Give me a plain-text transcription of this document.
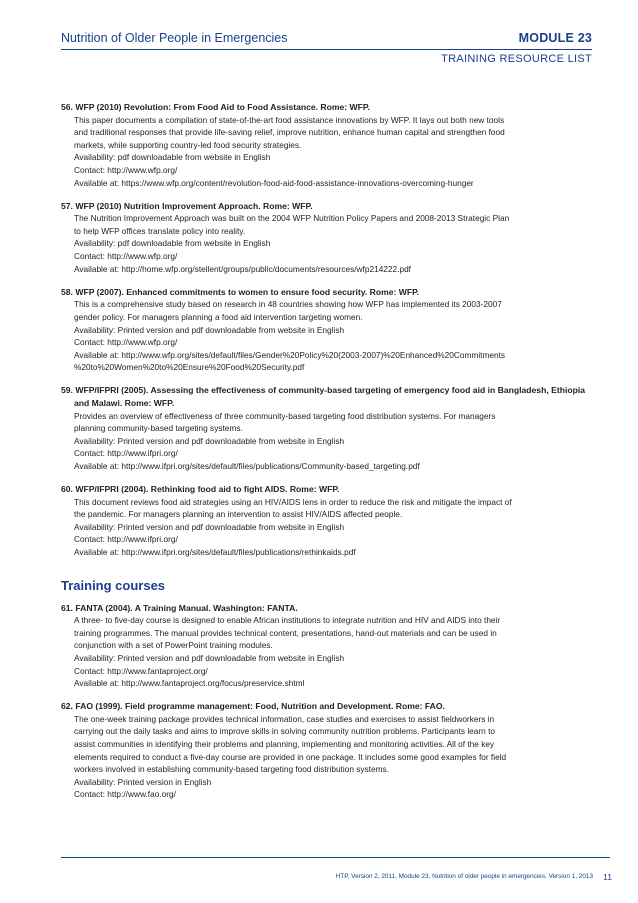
Nutrition of Older People in Emergencies	MODULE 23
TRAINING RESOURCE LIST
56. WFP (2010) Revolution: From Food Aid to Food Assistance. Rome: WFP.
This paper documents a compilation of state-of-the-art food assistance innovations by WFP. It lays out both new tools
and traditional responses that provide life-saving relief, improve nutrition, enhance human capital and strengthen food
markets, while supporting country-led food security strategies.
Availability: pdf downloadable from website in English
Contact: http://www.wfp.org/
Available at: https://www.wfp.org/content/revolution-food-aid-food-assistance-innovations-overcoming-hunger
57. WFP (2010) Nutrition Improvement Approach. Rome: WFP.
The Nutrition Improvement Approach was built on the 2004 WFP Nutrition Policy Papers and 2008-2013 Strategic Plan
to help WFP offices translate policy into reality.
Availability: pdf downloadable from website in English
Contact: http://www.wfp.org/
Available at: http://home.wfp.org/stellent/groups/public/documents/resources/wfp214222.pdf
58. WFP (2007). Enhanced commitments to women to ensure food security. Rome: WFP.
This is a comprehensive study based on research in 48 countries showing how WFP has implemented its 2003-2007
gender policy. For managers planning a food aid intervention targeting women.
Availability: Printed version and pdf downloadable from website in English
Contact: http://www.wfp.org/
Available at: http://www.wfp.org/sites/default/files/Gender%20Policy%20(2003-2007)%20Enhanced%20Commitments
%20to%20Women%20to%20Ensure%20Food%20Security.pdf
59. WFP/IFPRI (2005). Assessing the effectiveness of community-based targeting of emergency food aid in Bangladesh, Ethiopia and Malawi. Rome: WFP.
Provides an overview of effectiveness of three community-based targeting food distribution systems. For managers
planning community-based targeting systems.
Availability: Printed version and pdf downloadable from website in English
Contact: http://www.ifpri.org/
Available at: http://www.ifpri.org/sites/default/files/publications/Community-based_targeting.pdf
60. WFP/IFPRI (2004). Rethinking food aid to fight AIDS. Rome: WFP.
This document reviews food aid strategies using an HIV/AIDS lens in order to reduce the risk and mitigate the impact of
the pandemic. For managers planning an intervention to assist HIV/AIDS affected people.
Availability: Printed version and pdf downloadable from website in English
Contact: http://www.ifpri.org/
Available at: http://www.ifpri.org/sites/default/files/publications/rethinkaids.pdf
Training courses
61. FANTA (2004). A Training Manual. Washington: FANTA.
A three- to five-day course is designed to enable African institutions to integrate nutrition and HIV and AIDS into their
training programmes. The manual provides technical content, presentations, hand-out materials and can be used in
conjunction with a set of PowerPoint training modules.
Availability: Printed version and pdf downloadable from website in English
Contact: http://www.fantaproject.org/
Available at: http://www.fantaproject.org/focus/preservice.shtml
62. FAO (1999). Field programme management: Food, Nutrition and Development. Rome: FAO.
The one-week training package provides technical information, case studies and exercises to assist fieldworkers in
carrying out the daily tasks and aims to improve skills in solving community nutrition problems. Participants learn to
assist communities in identifying their problems and planning, implementing and monitoring activities. All of the key
elements required to conduct a five-day course are provided in one package. It includes some good examples for field
workers involved in establishing community-based targeting food distribution systems.
Availability: Printed version in English
Contact: http://www.fao.org/
HTP, Version 2, 2011, Module 23, Nutrition of older people in emergencies, Version 1, 2013 11
